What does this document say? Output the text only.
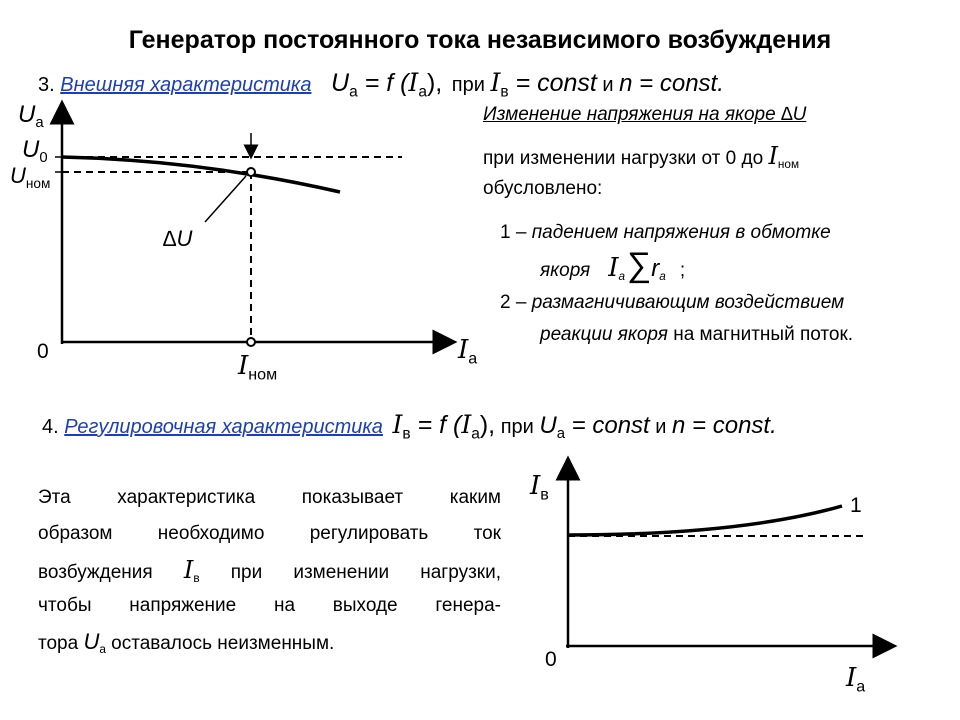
Генератор постоянного тока независимого возбуждения
3. Внешняя характеристика $U_а = f$ $(I_а)$, при $I_в$ = const и n = const.
$U_а$
$U_0$
$U_{ном}$
∆U
0	$I_а$
$I_{ном}$
Изменение напряжения на якоре ∆U
при изменении нагрузки от 0 до $I_{ном}$
обусловлено:
1 – падением напряжения в обмотке
якоря $I_а\sum r_а$ ;
2 – размагничивающим воздействием
реакции якоря на магнитный поток.
4. Регулировочная характеристика $I_в = f$ $(I_а)$, при $U_а$ = const и n = const.
Эта характеристика показывает каким
образом необходимо регулировать ток
возбуждения $I_в$ при изменении нагрузки,
чтобы напряжение на выходе генера-
тора $U_а$ оставалось неизменным.
$I_в$	1
0
$I_а$
